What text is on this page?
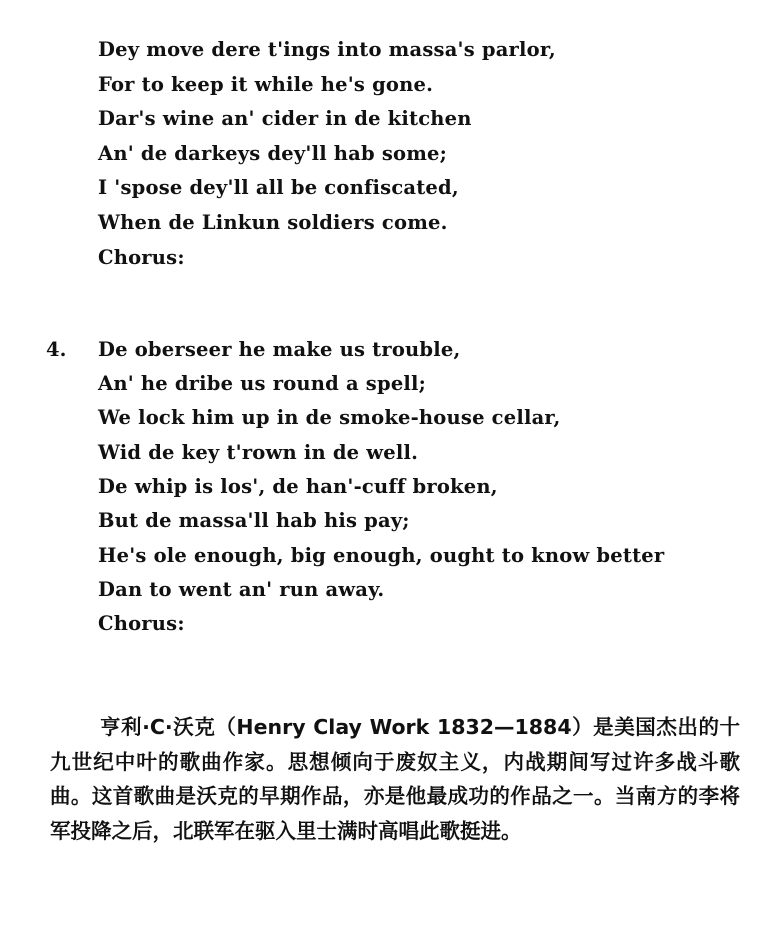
Dey move dere t'ings into massa's parlor,
For to keep it while he's gone.
Dar's wine an' cider in de kitchen
An' de darkeys dey'll hab some;
I 'spose dey'll all be confiscated,
When de Linkun soldiers come.
Chorus:
4. De oberseer he make us trouble,
An' he dribe us round a spell;
We lock him up in de smoke-house cellar,
Wid de key t'rown in de well.
De whip is los', de han'-cuff broken,
But de massa'll hab his pay;
He's ole enough, big enough, ought to know better
Dan to went an' run away.
Chorus:
亨利·C·沃克（Henry Clay Work 1832—1884）是美国杰出的十九世纪中叶的歌曲作家。思想倾向于废奴主义，内战期间写过许多战斗歌曲。这首歌曲是沃克的早期作品，亦是他最成功的作品之一。当南方的李将军投降之后，北联军在驱入里士满时高唱此歌挺进。
